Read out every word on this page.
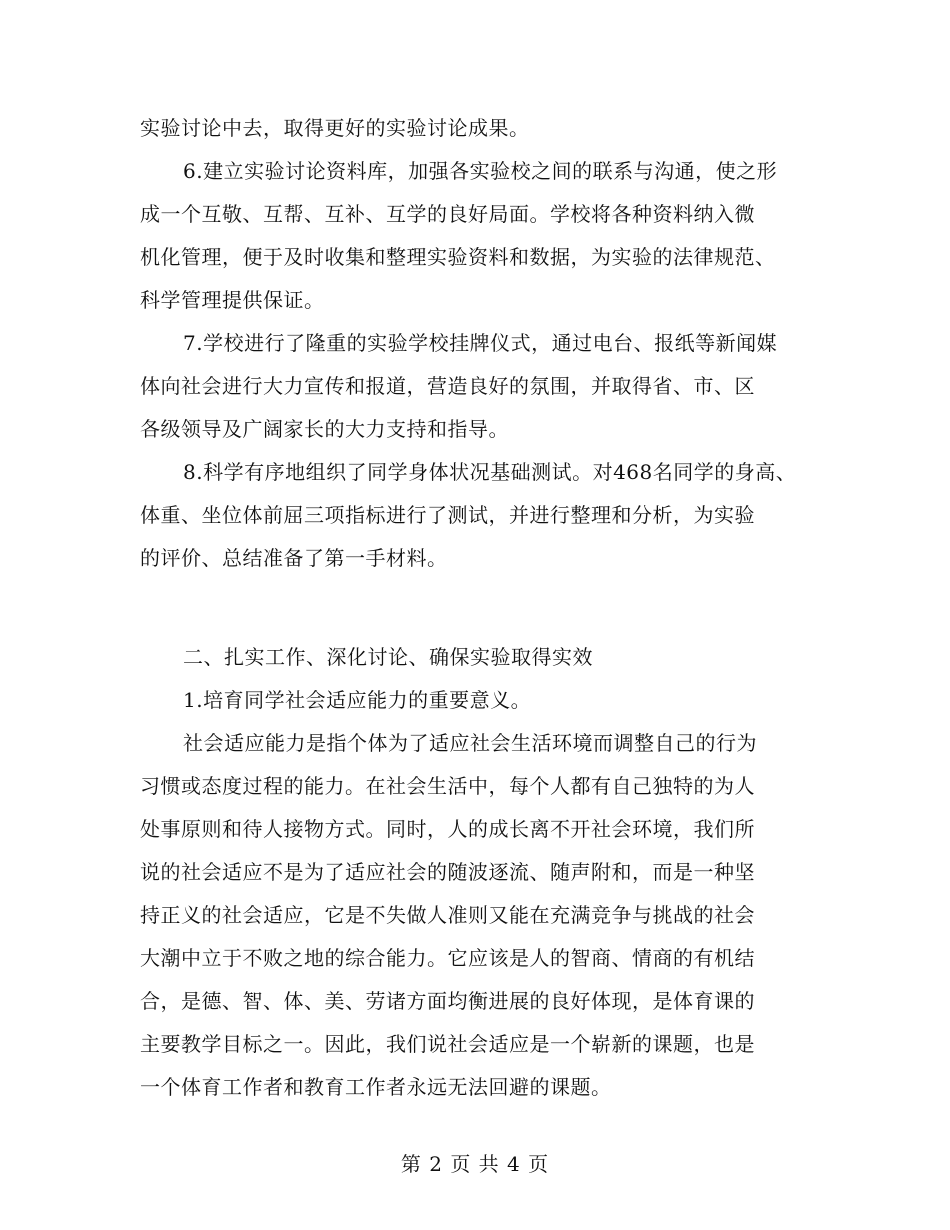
实验讨论中去，取得更好的实验讨论成果。
6.建立实验讨论资料库，加强各实验校之间的联系与沟通，使之形
成一个互敬、互帮、互补、互学的良好局面。学校将各种资料纳入微
机化管理，便于及时收集和整理实验资料和数据，为实验的法律规范、
科学管理提供保证。
7.学校进行了隆重的实验学校挂牌仪式，通过电台、报纸等新闻媒
体向社会进行大力宣传和报道，营造良好的氛围，并取得省、市、区
各级领导及广阔家长的大力支持和指导。
8.科学有序地组织了同学身体状况基础测试。对468名同学的身高、
体重、坐位体前屈三项指标进行了测试，并进行整理和分析，为实验
的评价、总结准备了第一手材料。
二、扎实工作、深化讨论、确保实验取得实效
1.培育同学社会适应能力的重要意义。
社会适应能力是指个体为了适应社会生活环境而调整自己的行为
习惯或态度过程的能力。在社会生活中，每个人都有自己独特的为人
处事原则和待人接物方式。同时，人的成长离不开社会环境，我们所
说的社会适应不是为了适应社会的随波逐流、随声附和，而是一种坚
持正义的社会适应，它是不失做人准则又能在充满竞争与挑战的社会
大潮中立于不败之地的综合能力。它应该是人的智商、情商的有机结
合，是德、智、体、美、劳诸方面均衡进展的良好体现，是体育课的
主要教学目标之一。因此，我们说社会适应是一个崭新的课题，也是
一个体育工作者和教育工作者永远无法回避的课题。
第 2 页 共 4 页
